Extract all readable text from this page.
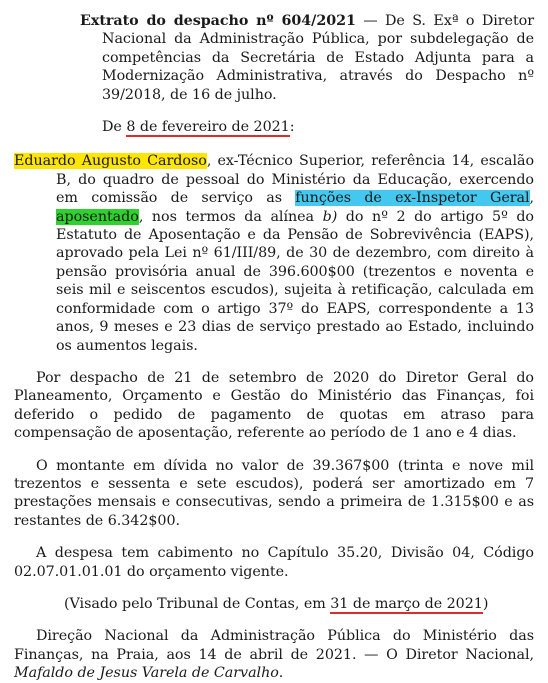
Extrato do despacho nº 604/2021 — De S. Exª o Diretor Nacional da Administração Pública, por subdelegação de competências da Secretária de Estado Adjunta para a Modernização Administrativa, através do Despacho nº 39/2018, de 16 de julho.

De 8 de fevereiro de 2021:

Eduardo Augusto Cardoso, ex-Técnico Superior, referência 14, escalão B, do quadro de pessoal do Ministério da Educação, exercendo em comissão de serviço as funções de ex-Inspetor Geral, aposentado, nos termos da alínea b) do nº 2 do artigo 5º do Estatuto de Aposentação e da Pensão de Sobrevivência (EAPS), aprovado pela Lei nº 61/III/89, de 30 de dezembro, com direito à pensão provisória anual de 396.600$00 (trezentos e noventa e seis mil e seiscentos escudos), sujeita à retificação, calculada em conformidade com o artigo 37º do EAPS, correspondente a 13 anos, 9 meses e 23 dias de serviço prestado ao Estado, incluindo os aumentos legais.

Por despacho de 21 de setembro de 2020 do Diretor Geral do Planeamento, Orçamento e Gestão do Ministério das Finanças, foi deferido o pedido de pagamento de quotas em atraso para compensação de aposentação, referente ao período de 1 ano e 4 dias.

O montante em dívida no valor de 39.367$00 (trinta e nove mil trezentos e sessenta e sete escudos), poderá ser amortizado em 7 prestações mensais e consecutivas, sendo a primeira de 1.315$00 e as restantes de 6.342$00.

A despesa tem cabimento no Capítulo 35.20, Divisão 04, Código 02.07.01.01.01 do orçamento vigente.

(Visado pelo Tribunal de Contas, em 31 de março de 2021)

Direção Nacional da Administração Pública do Ministério das Finanças, na Praia, aos 14 de abril de 2021. — O Diretor Nacional, Mafaldo de Jesus Varela de Carvalho.
